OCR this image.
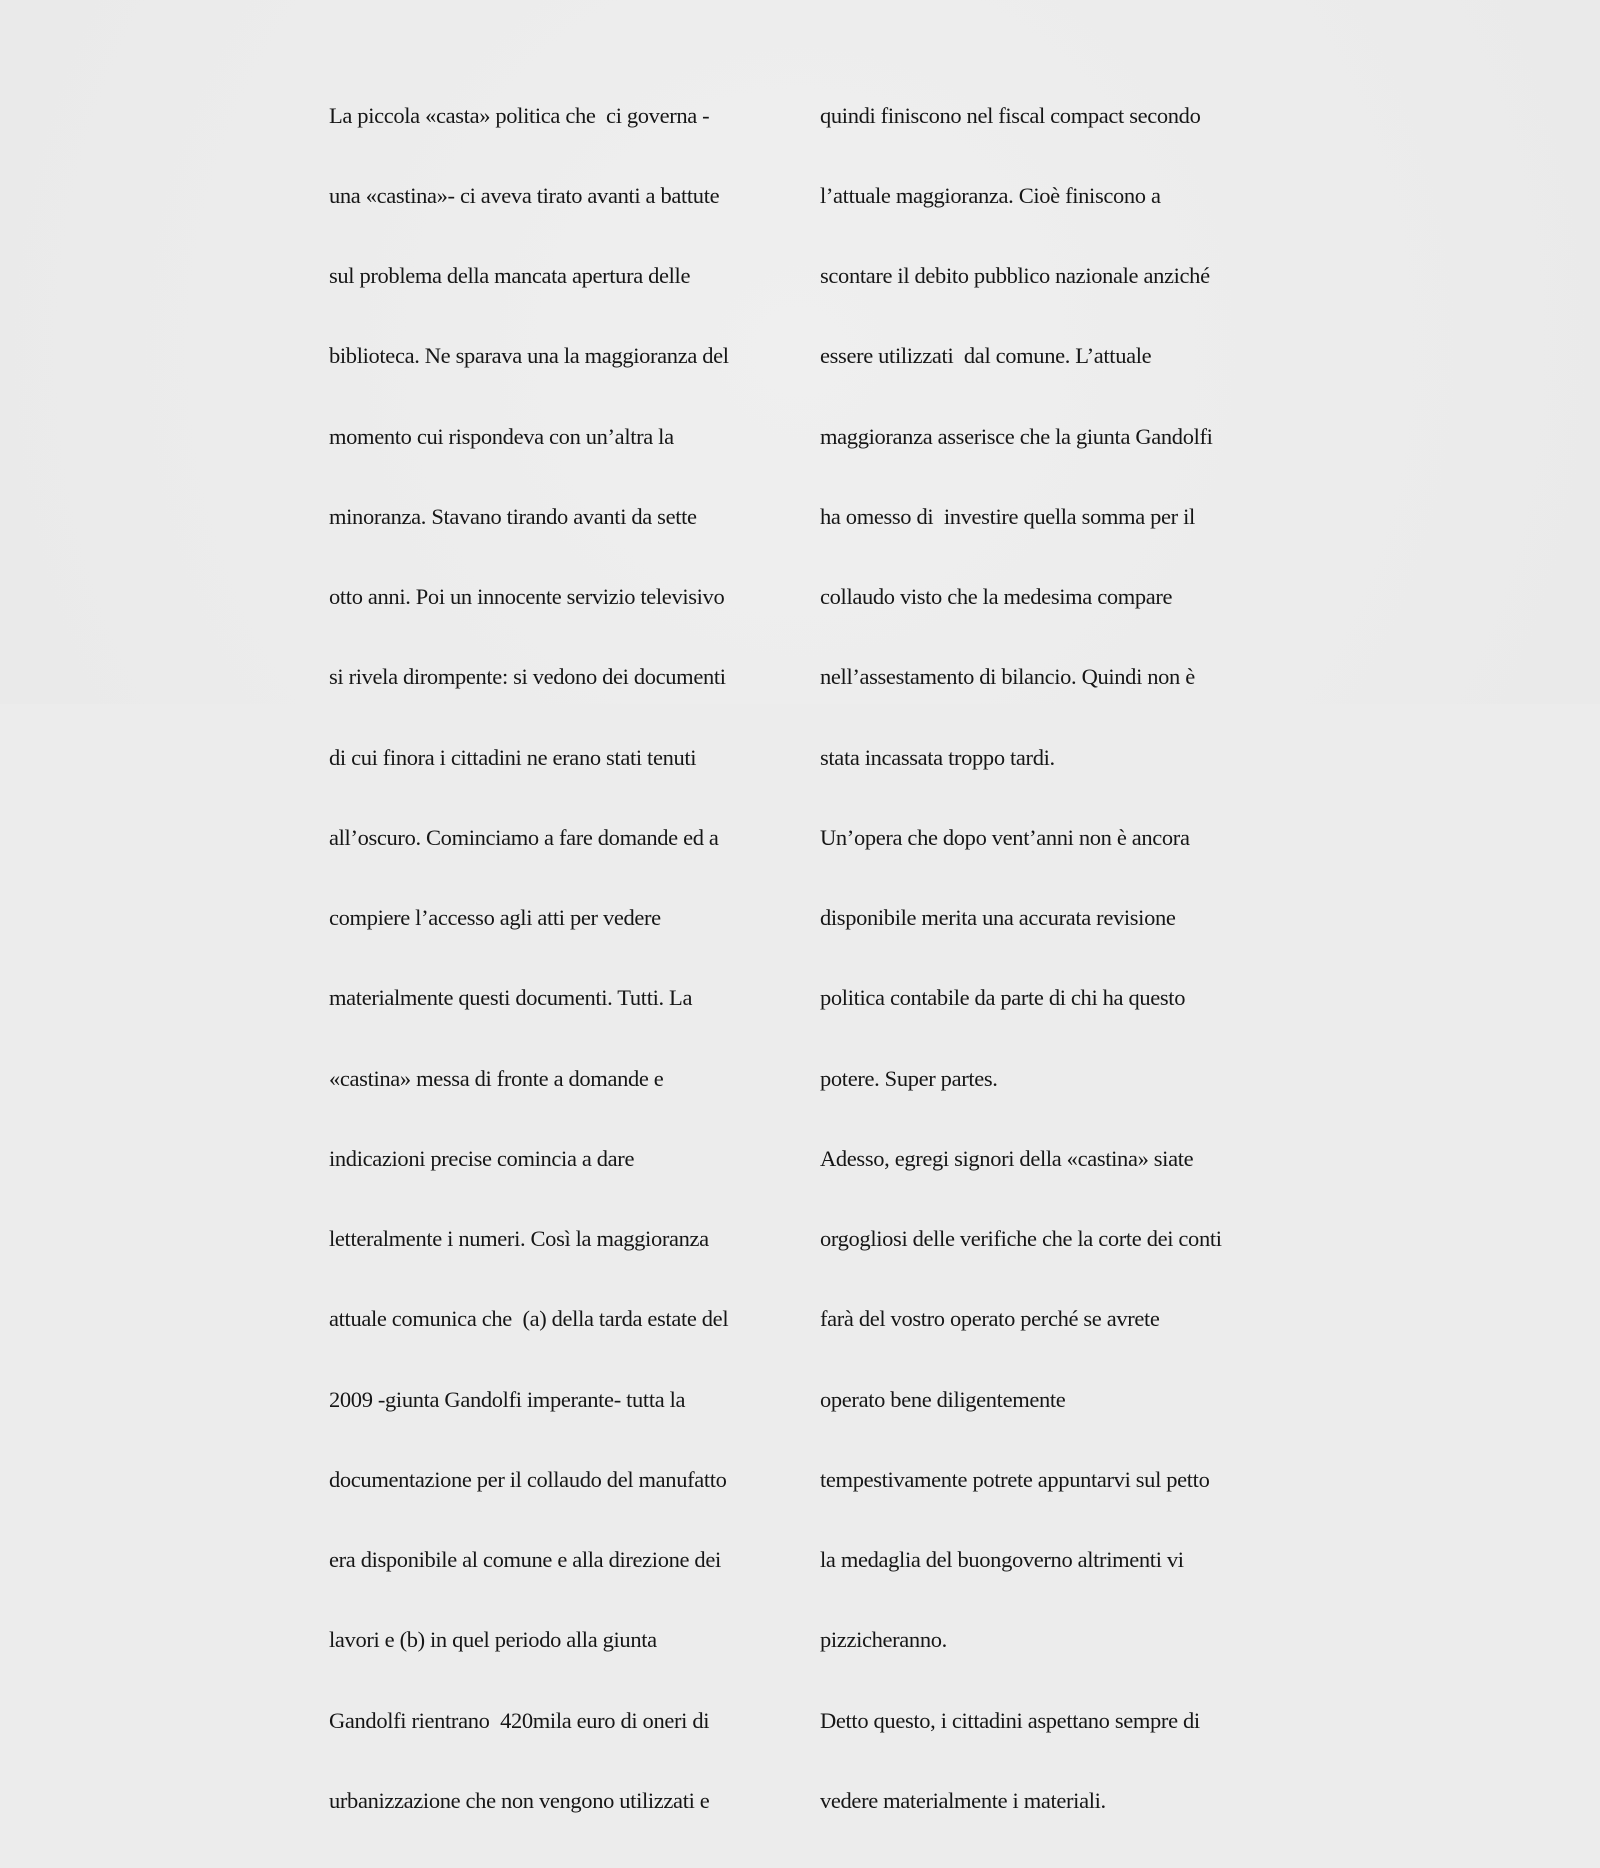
La piccola «casta» politica che  ci governa -

una «castina»- ci aveva tirato avanti a battute

sul problema della mancata apertura delle

biblioteca. Ne sparava una la maggioranza del

momento cui rispondeva con un’altra la

minoranza. Stavano tirando avanti da sette

otto anni. Poi un innocente servizio televisivo

si rivela dirompente: si vedono dei documenti

di cui finora i cittadini ne erano stati tenuti

all’oscuro. Cominciamo a fare domande ed a

compiere l’accesso agli atti per vedere

materialmente questi documenti. Tutti. La

«castina» messa di fronte a domande e

indicazioni precise comincia a dare

letteralmente i numeri. Così la maggioranza

attuale comunica che  (a) della tarda estate del

2009 -giunta Gandolfi imperante- tutta la

documentazione per il collaudo del manufatto

era disponibile al comune e alla direzione dei

lavori e (b) in quel periodo alla giunta

Gandolfi rientrano  420mila euro di oneri di

urbanizzazione che non vengono utilizzati e

quindi finiscono nel fiscal compact secondo

l’attuale maggioranza. Cioè finiscono a

scontare il debito pubblico nazionale anziché

essere utilizzati  dal comune. L’attuale

maggioranza asserisce che la giunta Gandolfi

ha omesso di  investire quella somma per il

collaudo visto che la medesima compare

nell’assestamento di bilancio. Quindi non è

stata incassata troppo tardi.

Un’opera che dopo vent’anni non è ancora

disponibile merita una accurata revisione

politica contabile da parte di chi ha questo

potere. Super partes.

Adesso, egregi signori della «castina» siate

orgogliosi delle verifiche che la corte dei conti

farà del vostro operato perché se avrete

operato bene diligentemente

tempestivamente potrete appuntarvi sul petto

la medaglia del buongoverno altrimenti vi

pizzicheranno.

Detto questo, i cittadini aspettano sempre di

vedere materialmente i materiali.
